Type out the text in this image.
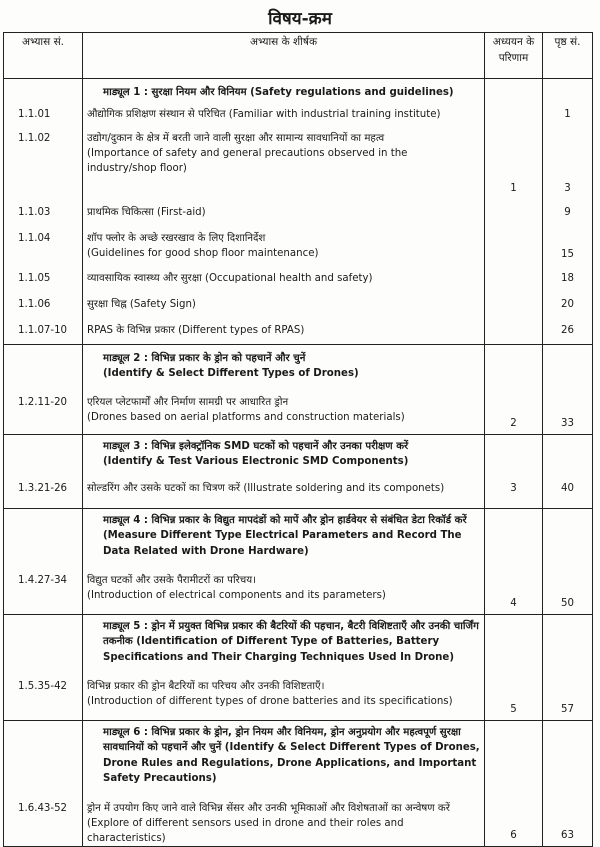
विषय-क्रम
अभ्यास सं.	अभ्यास के शीर्षक	अध्ययन के परिणाम	पृष्ठ सं.

	माड्यूल 1 : सुरक्षा नियम और विनियम (Safety regulations and guidelines)		

1.1.01	औद्योगिक प्रशिक्षण संस्थान से परिचित (Familiar with industrial training institute)		1
1.1.02	उद्योग/दुकान के क्षेत्र में बरती जाने वाली सुरक्षा और सामान्य सावधानियों का महत्व
(Importance of safety and general precautions observed in the industry/shop floor)	1	3
1.1.03	प्राथमिक चिकित्सा (First-aid)		9
1.1.04	शॉप फ्लोर के अच्छे रखरखाव के लिए दिशानिर्देश
(Guidelines for good shop floor maintenance)		15
1.1.05	व्यावसायिक स्वास्थ्य और सुरक्षा (Occupational health and safety)		18
1.1.06	सुरक्षा चिह्न (Safety Sign)		20
1.1.07-10	RPAS के विभिन्न प्रकार (Different types of RPAS)		26

	माड्यूल 2 : विभिन्न प्रकार के ड्रोन को पहचानें और चुनें
(Identify & Select Different Types of Drones)		

1.2.11-20	एरियल प्लेटफार्मों और निर्माण सामग्री पर आधारित ड्रोन
(Drones based on aerial platforms and construction materials)	2	33

	माड्यूल 3 : विभिन्न इलेक्ट्रॉनिक SMD घटकों को पहचानें और उनका परीक्षण करें
(Identify & Test Various Electronic SMD Components)		

1.3.21-26	सोल्डरिंग और उसके घटकों का चित्रण करें (Illustrate soldering and its componets)	3	40

	माड्यूल 4 : विभिन्न प्रकार के विद्युत मापदंडों को मापें और ड्रोन हार्डवेयर से संबंधित डेटा रिकॉर्ड करें (Measure Different Type Electrical Parameters and Record The Data Related with Drone Hardware)		

1.4.27-34	विद्युत घटकों और उसके पैरामीटरों का परिचय।
(Introduction of electrical components and its parameters)	4	50

	माड्यूल 5 : ड्रोन में प्रयुक्त विभिन्न प्रकार की बैटरियों की पहचान, बैटरी विशिष्टताएँ और उनकी चार्जिंग तकनीक (Identification of Different Type of Batteries, Battery Specifications and Their Charging Techniques Used In Drone)		

1.5.35-42	विभिन्न प्रकार की ड्रोन बैटरियों का परिचय और उनकी विशिष्टताएँ।
(Introduction of different types of drone batteries and its specifications)	5	57

	माड्यूल 6 : विभिन्न प्रकार के ड्रोन, ड्रोन नियम और विनियम, ड्रोन अनुप्रयोग और महत्वपूर्ण सुरक्षा सावधानियों को पहचानें और चुनें (Identify & Select Different Types of Drones, Drone Rules and Regulations, Drone Applications, and Important Safety Precautions)		

1.6.43-52	ड्रोन में उपयोग किए जाने वाले विभिन्न सेंसर और उनकी भूमिकाओं और विशेषताओं का अन्वेषण करें
(Explore of different sensors used in drone and their roles and characteristics)	6	63
